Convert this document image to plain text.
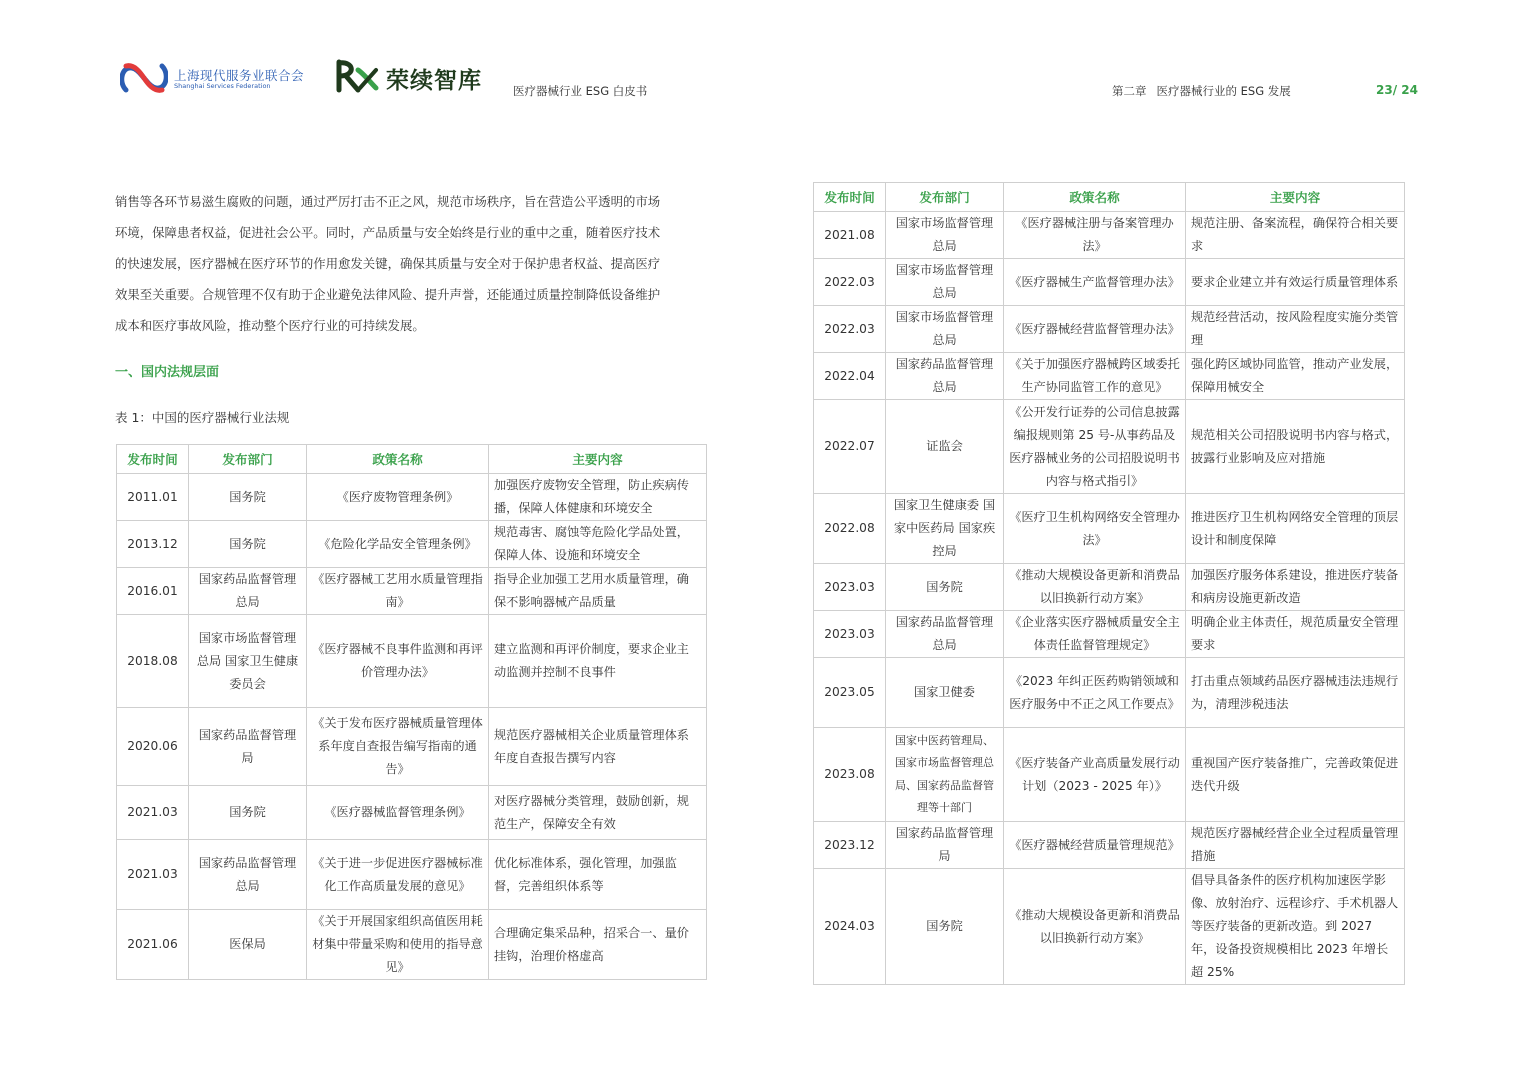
上海现代服务业联合会
Shanghai Services Federation	荣续智库	医疗器械行业 ESG 白皮书	第二章 医疗器械行业的 ESG 发展	23/ 24
销售等各环节易滋生腐败的问题，通过严厉打击不正之风，规范市场秩序，旨在营造公平透明的市场
环境，保障患者权益，促进社会公平。同时，产品质量与安全始终是行业的重中之重，随着医疗技术
的快速发展，医疗器械在医疗环节的作用愈发关键，确保其质量与安全对于保护患者权益、提高医疗
效果至关重要。合规管理不仅有助于企业避免法律风险、提升声誉，还能通过质量控制降低设备维护
成本和医疗事故风险，推动整个医疗行业的可持续发展。
一、国内法规层面
表 1：中国的医疗器械行业法规
发布时间	发布部门	政策名称	主要内容
2011.01	国务院	《医疗废物管理条例》	加强医疗废物安全管理，防止疾病传播，保障人体健康和环境安全
2013.12	国务院	《危险化学品安全管理条例》	规范毒害、腐蚀等危险化学品处置，保障人体、设施和环境安全
2016.01	国家药品监督管理总局	《医疗器械工艺用水质量管理指南》	指导企业加强工艺用水质量管理，确保不影响器械产品质量
2018.08	国家市场监督管理总局 国家卫生健康委员会	《医疗器械不良事件监测和再评价管理办法》	建立监测和再评价制度，要求企业主动监测并控制不良事件
2020.06	国家药品监督管理局	《关于发布医疗器械质量管理体系年度自查报告编写指南的通告》	规范医疗器械相关企业质量管理体系年度自查报告撰写内容
2021.03	国务院	《医疗器械监督管理条例》	对医疗器械分类管理，鼓励创新，规范生产，保障安全有效
2021.03	国家药品监督管理总局	《关于进一步促进医疗器械标准化工作高质量发展的意见》	优化标准体系，强化管理，加强监督，完善组织体系等
2021.06	医保局	《关于开展国家组织高值医用耗材集中带量采购和使用的指导意见》	合理确定集采品种，招采合一、量价挂钩，治理价格虚高
发布时间	发布部门	政策名称	主要内容
2021.08	国家市场监督管理总局	《医疗器械注册与备案管理办法》	规范注册、备案流程，确保符合相关要求
2022.03	国家市场监督管理总局	《医疗器械生产监督管理办法》	要求企业建立并有效运行质量管理体系
2022.03	国家市场监督管理总局	《医疗器械经营监督管理办法》	规范经营活动，按风险程度实施分类管理
2022.04	国家药品监督管理总局	《关于加强医疗器械跨区域委托生产协同监管工作的意见》	强化跨区域协同监管，推动产业发展，保障用械安全
2022.07	证监会	《公开发行证券的公司信息披露编报规则第 25 号-从事药品及医疗器械业务的公司招股说明书内容与格式指引》	规范相关公司招股说明书内容与格式，披露行业影响及应对措施
2022.08	国家卫生健康委 国家中医药局 国家疾控局	《医疗卫生机构网络安全管理办法》	推进医疗卫生机构网络安全管理的顶层设计和制度保障
2023.03	国务院	《推动大规模设备更新和消费品以旧换新行动方案》	加强医疗服务体系建设，推进医疗装备和病房设施更新改造
2023.03	国家药品监督管理总局	《企业落实医疗器械质量安全主体责任监督管理规定》	明确企业主体责任，规范质量安全管理要求
2023.05	国家卫健委	《2023 年纠正医药购销领域和医疗服务中不正之风工作要点》	打击重点领域药品医疗器械违法违规行为，清理涉税违法
2023.08	国家中医药管理局、国家市场监督管理总局、国家药品监督管理等十部门	《医疗装备产业高质量发展行动计划（2023 - 2025 年）》	重视国产医疗装备推广，完善政策促进迭代升级
2023.12	国家药品监督管理局	《医疗器械经营质量管理规范》	规范医疗器械经营企业全过程质量管理措施
2024.03	国务院	《推动大规模设备更新和消费品以旧换新行动方案》	倡导具备条件的医疗机构加速医学影像、放射治疗、远程诊疗、手术机器人等医疗装备的更新改造。到 2027 年，设备投资规模相比 2023 年增长超 25%
